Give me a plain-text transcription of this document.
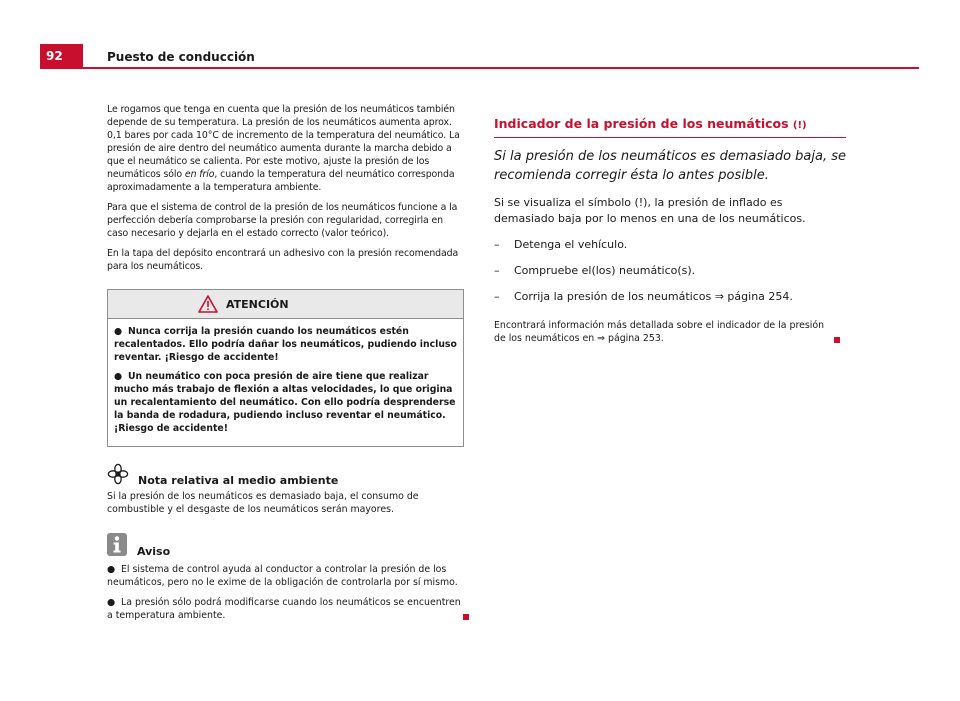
92	Puesto de conducción

Le rogamos que tenga en cuenta que la presión de los neumáticos también depende de su temperatura. La presión de los neumáticos aumenta aprox. 0,1 bares por cada 10°C de incremento de la temperatura del neumático. La presión de aire dentro del neumático aumenta durante la marcha debido a que el neumático se calienta. Por este motivo, ajuste la presión de los neumáticos sólo en frío, cuando la temperatura del neumático corresponda aproximadamente a la temperatura ambiente.

Para que el sistema de control de la presión de los neumáticos funcione a la perfección debería comprobarse la presión con regularidad, corregirla en caso necesario y dejarla en el estado correcto (valor teórico).

En la tapa del depósito encontrará un adhesivo con la presión recomendada para los neumáticos.

ATENCIÓN
● Nunca corrija la presión cuando los neumáticos estén recalentados. Ello podría dañar los neumáticos, pudiendo incluso reventar. ¡Riesgo de accidente!
● Un neumático con poca presión de aire tiene que realizar mucho más trabajo de flexión a altas velocidades, lo que origina un recalentamiento del neumático. Con ello podría desprenderse la banda de rodadura, pudiendo incluso reventar el neumático. ¡Riesgo de accidente!
Nota relativa al medio ambiente
Si la presión de los neumáticos es demasiado baja, el consumo de combustible y el desgaste de los neumáticos serán mayores.
Aviso
● El sistema de control ayuda al conductor a controlar la presión de los neumáticos, pero no le exime de la obligación de controlarla por sí mismo.
● La presión sólo podrá modificarse cuando los neumáticos se encuentren a temperatura ambiente.
Indicador de la presión de los neumáticos (!)
Si la presión de los neumáticos es demasiado baja, se recomienda corregir ésta lo antes posible.
Si se visualiza el símbolo (!), la presión de inflado es demasiado baja por lo menos en una de los neumáticos.
–	Detenga el vehículo.
–	Compruebe el(los) neumático(s).
–	Corrija la presión de los neumáticos ⇒ página 254.
Encontrará información más detallada sobre el indicador de la presión de los neumáticos en ⇒ página 253.
